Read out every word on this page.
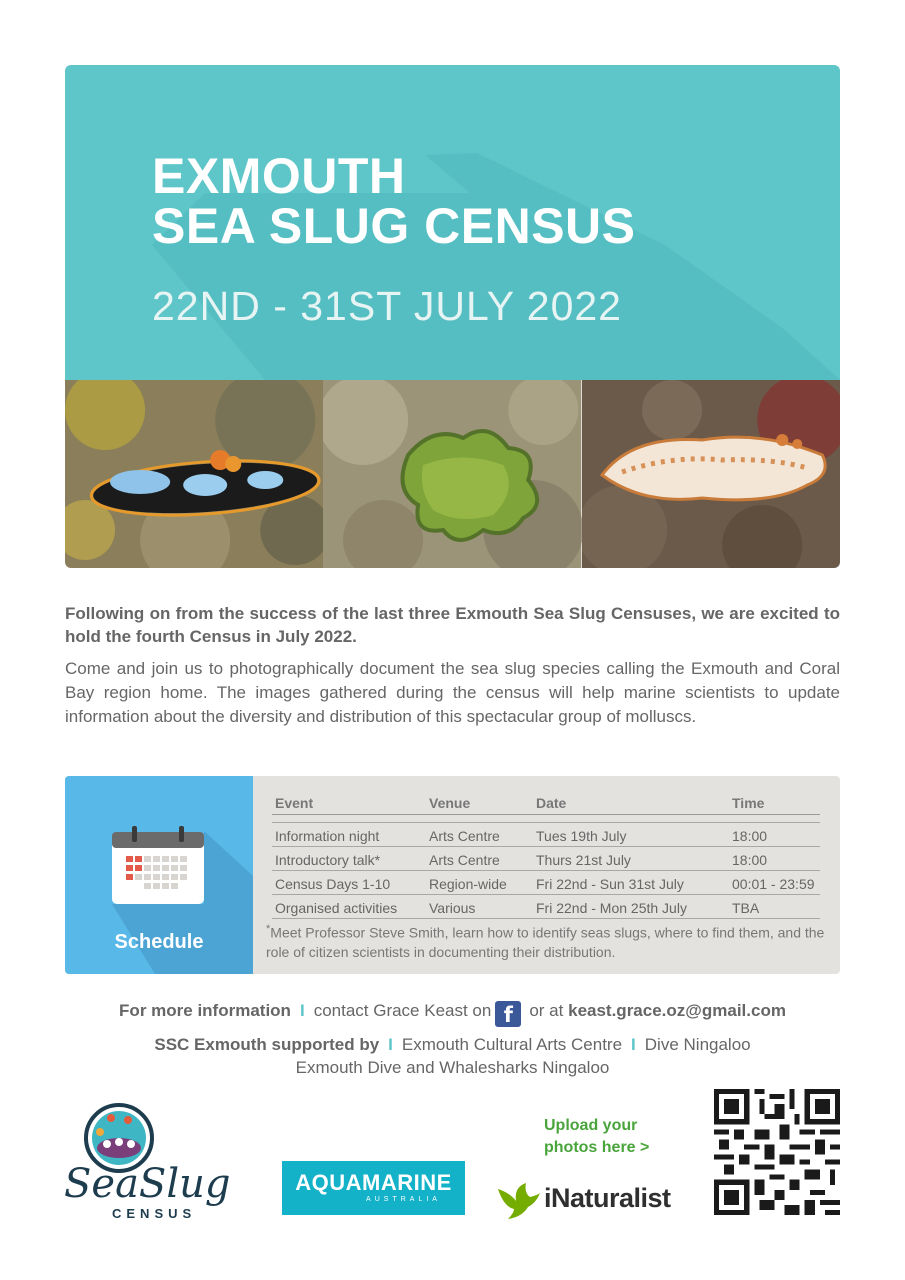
EXMOUTH
SEA SLUG CENSUS
22ND - 31ST JULY 2022

Following on from the success of the last three Exmouth Sea Slug Censuses, we are excited to hold the fourth Census in July 2022.

Come and join us to photographically document the sea slug species calling the Exmouth and Coral Bay region home. The images gathered during the census will help marine scientists to update information about the diversity and distribution of this spectacular group of molluscs.

Schedule
Event	Venue	Date	Time

Information night	Arts Centre	Tues 19th July	18:00
Introductory talk*	Arts Centre	Thurs 21st July	18:00
Census Days 1-10	Region-wide	Fri 22nd - Sun 31st July	00:01 - 23:59
Organised activities	Various	Fri 22nd - Mon 25th July	TBA
*Meet Professor Steve Smith, learn how to identify seas slugs, where to find them, and the role of citizen scientists in documenting their distribution.
For more information I contact Grace Keast on f or at keast.grace.oz@gmail.com
SSC Exmouth supported by I Exmouth Cultural Arts Centre I Dive Ningaloo
Exmouth Dive and Whalesharks Ningaloo
SeaSlug
CENSUS
AQUAMARINE
AUSTRALIA
Upload your
photos here >
iNaturalist
